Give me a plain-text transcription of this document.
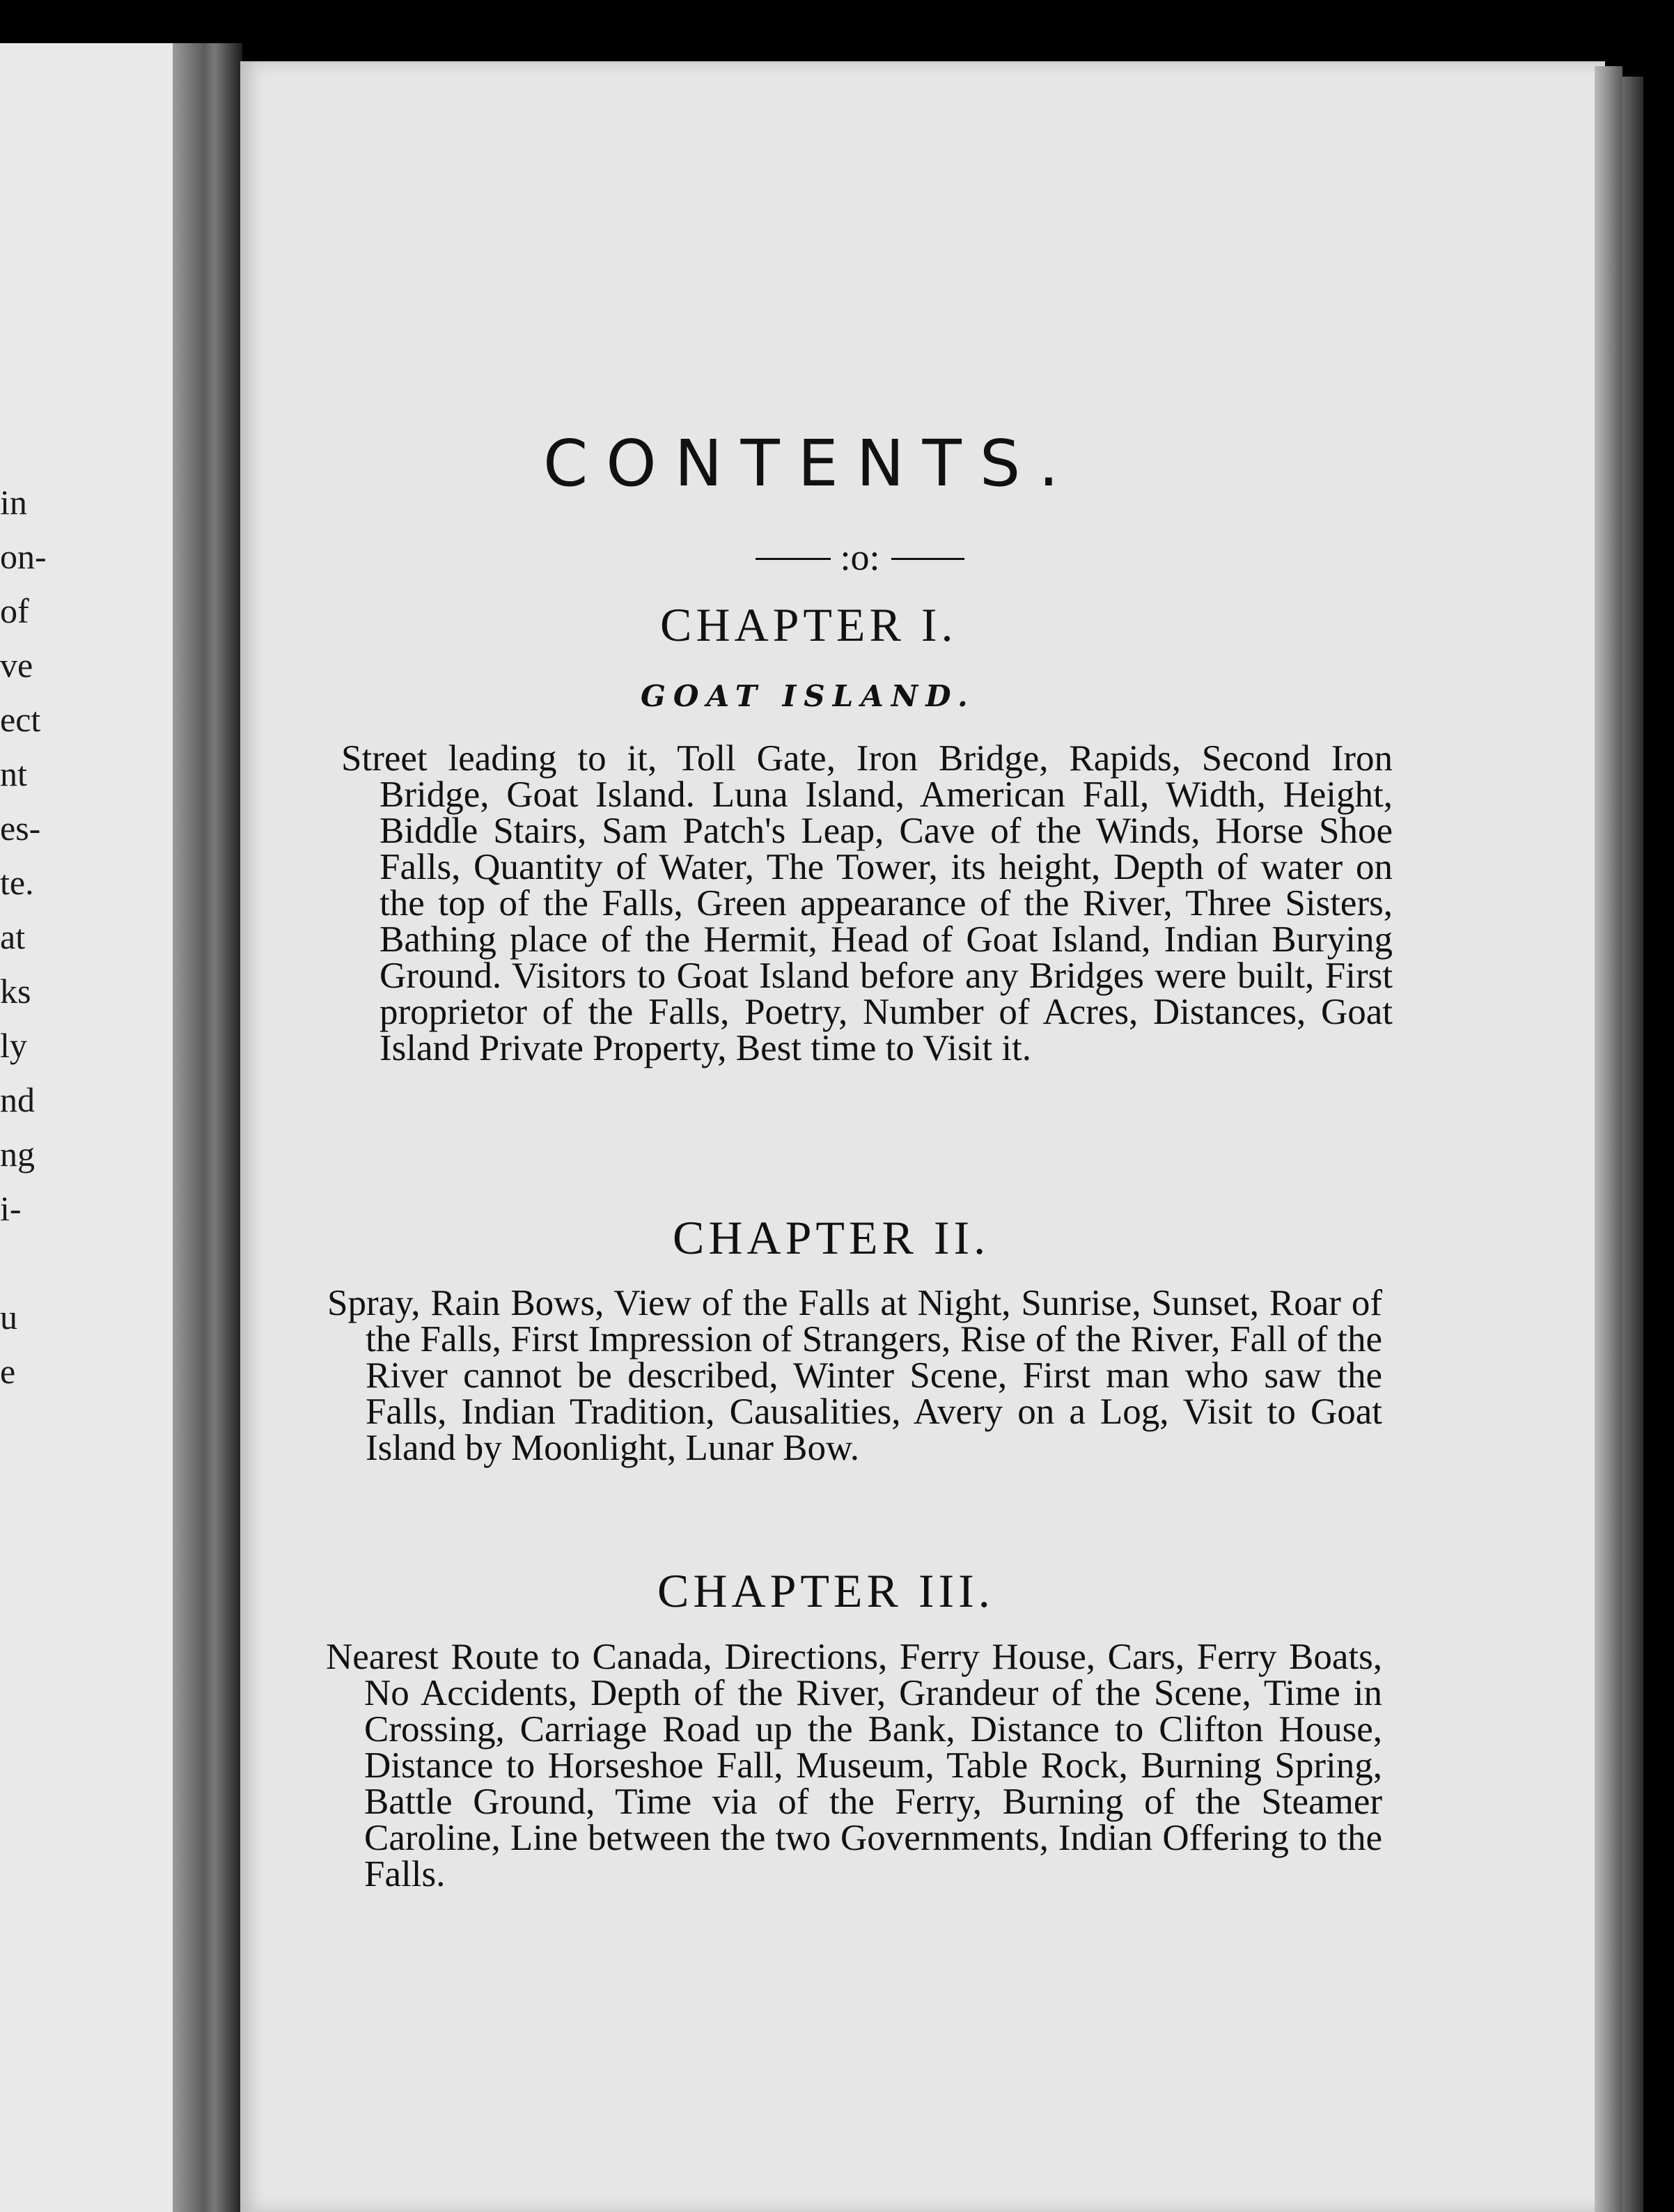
in
on-
of
ve
ect
nt
es-
te.
at
ks
ly
nd
ng
i-
u
e
CONTENTS.
:o:
CHAPTER I.
GOAT ISLAND.

Street leading to it, Toll Gate, Iron Bridge, Rapids, Second Iron Bridge, Goat Island. Luna Island, American Fall, Width, Height, Biddle Stairs, Sam Patch's Leap, Cave of the Winds, Horse Shoe Falls, Quantity of Water, The Tower, its height, Depth of water on the top of the Falls, Green appearance of the River, Three Sisters, Bathing place of the Hermit, Head of Goat Island, Indian Burying Ground. Visitors to Goat Island before any Bridges were built, First proprietor of the Falls, Poetry, Number of Acres, Distances, Goat Island Private Property, Best time to Visit it.

CHAPTER II.

Spray, Rain Bows, View of the Falls at Night, Sunrise, Sunset, Roar of the Falls, First Impression of Strangers, Rise of the River, Fall of the River cannot be described, Winter Scene, First man who saw the Falls, Indian Tradition, Causalities, Avery on a Log, Visit to Goat Island by Moonlight, Lunar Bow.

CHAPTER III.

Nearest Route to Canada, Directions, Ferry House, Cars, Ferry Boats, No Accidents, Depth of the River, Grandeur of the Scene, Time in Crossing, Carriage Road up the Bank, Distance to Clifton House, Distance to Horseshoe Fall, Museum, Table Rock, Burning Spring, Battle Ground, Time via of the Ferry, Burning of the Steamer Caroline, Line between the two Governments, Indian Offering to the Falls.
